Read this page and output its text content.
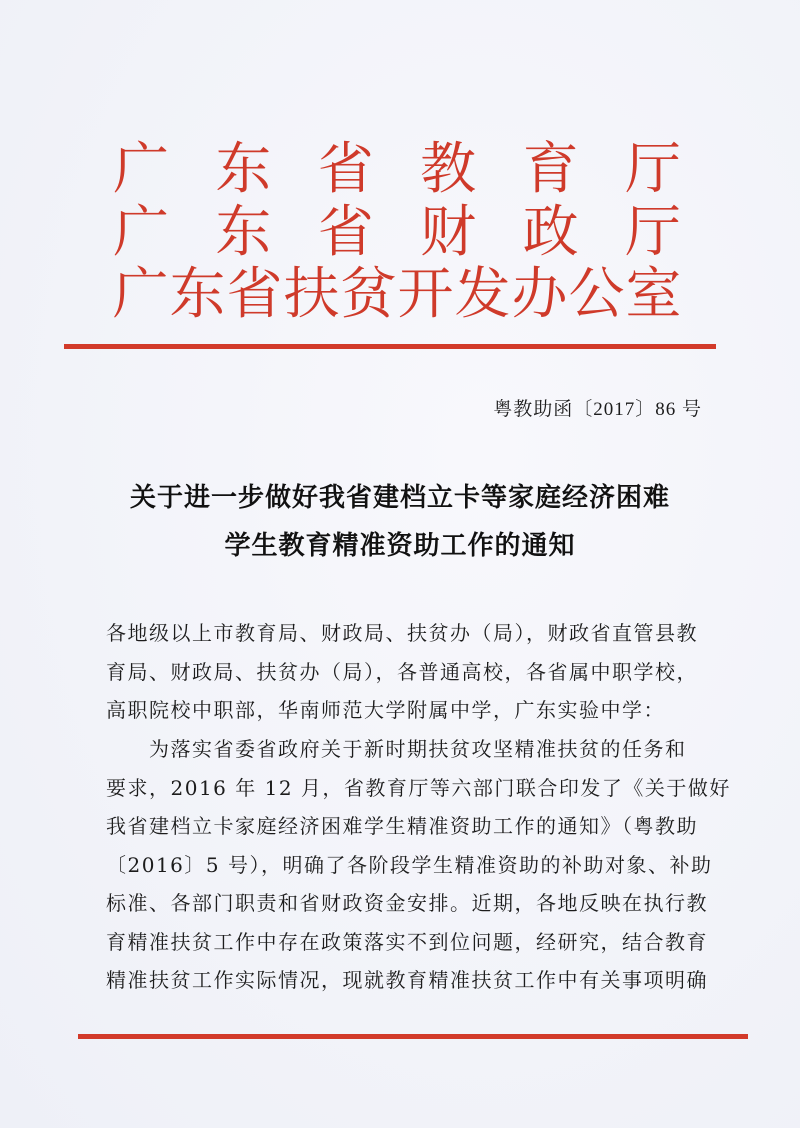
广 东 省 教 育 厅
广 东 省 财 政 厅
广 东 省 扶 贫 开 发 办 公 室
粤教助函〔2017〕86 号
关于进一步做好我省建档立卡等家庭经济困难
学生教育精准资助工作的通知
各地级以上市教育局、财政局、扶贫办（局），财政省直管县教
育局、财政局、扶贫办（局），各普通高校，各省属中职学校，
高职院校中职部，华南师范大学附属中学，广东实验中学：
　　为落实省委省政府关于新时期扶贫攻坚精准扶贫的任务和
要求，2016 年 12 月，省教育厅等六部门联合印发了《关于做好
我省建档立卡家庭经济困难学生精准资助工作的通知》（粤教助
〔2016〕5 号），明确了各阶段学生精准资助的补助对象、补助
标准、各部门职责和省财政资金安排。近期，各地反映在执行教
育精准扶贫工作中存在政策落实不到位问题，经研究，结合教育
精准扶贫工作实际情况，现就教育精准扶贫工作中有关事项明确
